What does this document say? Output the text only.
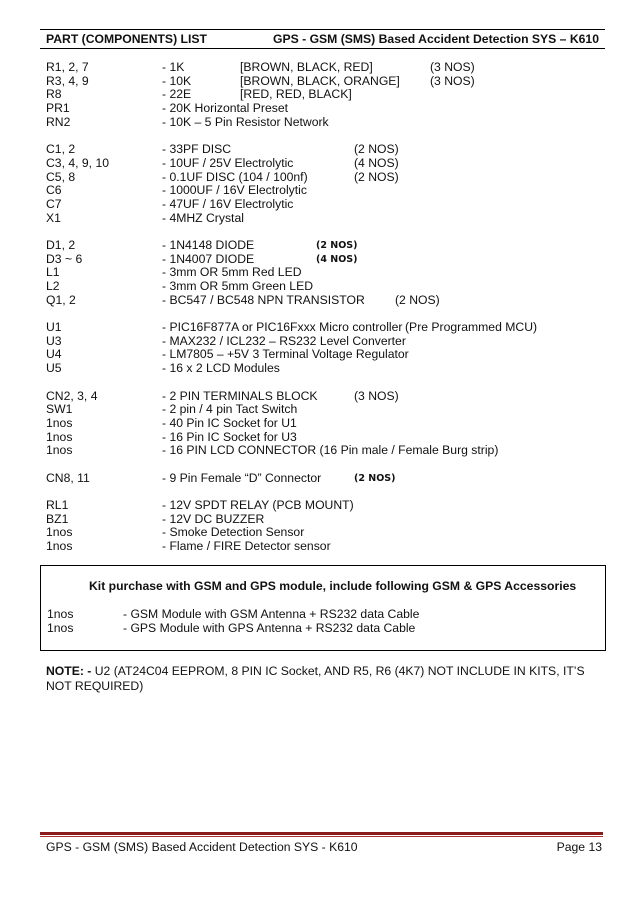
PART (COMPONENTS) LIST	GPS - GSM (SMS) Based Accident Detection SYS – K610
R1, 2, 7	- 1K	[BROWN, BLACK, RED]	(3 NOS)
R3, 4, 9	- 10K	[BROWN, BLACK, ORANGE] (3 NOS)
R8	- 22E	[RED, RED, BLACK]
PR1	- 20K Horizontal Preset
RN2	- 10K – 5 Pin Resistor Network
C1, 2	- 33PF DISC	(2 NOS)
C3, 4, 9, 10	- 10UF / 25V Electrolytic	(4 NOS)
C5, 8	- 0.1UF DISC (104 / 100nf)	(2 NOS)
C6	- 1000UF / 16V Electrolytic
C7	- 47UF / 16V Electrolytic
X1	- 4MHZ Crystal
D1, 2	- 1N4148 DIODE	(2 NOS)
D3 ~ 6	- 1N4007 DIODE	(4 NOS)
L1	- 3mm OR 5mm Red LED
L2	- 3mm OR 5mm Green LED
Q1, 2	- BC547 / BC548 NPN TRANSISTOR (2 NOS)
U1	- PIC16F877A or PIC16Fxxx Micro controller (Pre Programmed MCU)
U3	- MAX232 / ICL232 – RS232 Level Converter
U4	- LM7805 – +5V 3 Terminal Voltage Regulator
U5	- 16 x 2 LCD Modules
CN2, 3, 4	- 2 PIN TERMINALS BLOCK	(3 NOS)
SW1	- 2 pin / 4 pin Tact Switch
1nos	- 40 Pin IC Socket for U1
1nos	- 16 Pin IC Socket for U3
1nos	- 16 PIN LCD CONNECTOR (16 Pin male / Female Burg strip)
CN8, 11	- 9 Pin Female “D” Connector	(2 NOS)
RL1	- 12V SPDT RELAY (PCB MOUNT)
BZ1	- 12V DC BUZZER
1nos	- Smoke Detection Sensor
1nos	- Flame / FIRE Detector sensor
Kit purchase with GSM and GPS module, include following GSM & GPS Accessories
1nos	- GSM Module with GSM Antenna + RS232 data Cable
1nos	- GPS Module with GPS Antenna + RS232 data Cable
NOTE: - U2 (AT24C04 EEPROM, 8 PIN IC Socket, AND R5, R6 (4K7) NOT INCLUDE IN KITS, IT’S NOT REQUIRED)
GPS - GSM (SMS) Based Accident Detection SYS - K610	Page 13
